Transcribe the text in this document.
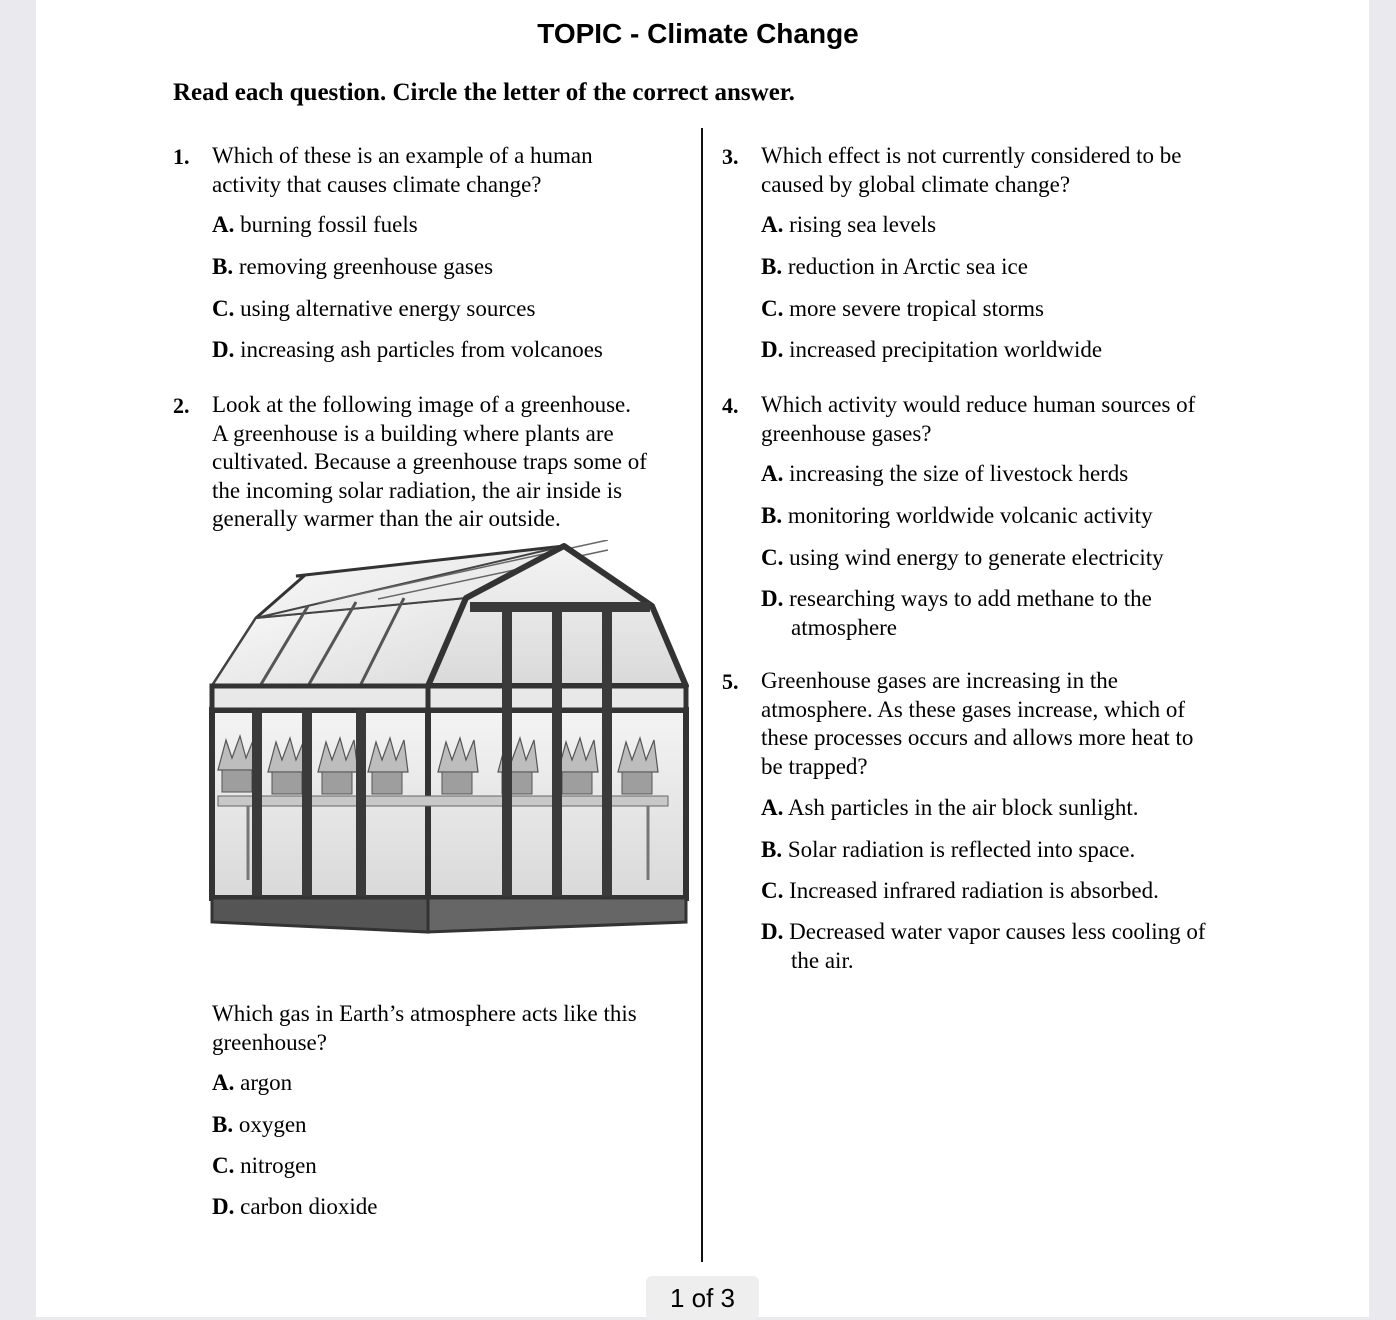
TOPIC - Climate Change
Read each question. Circle the letter of the correct answer.
1. Which of these is an example of a human
activity that causes climate change?
A. burning fossil fuels
B. removing greenhouse gases
C. using alternative energy sources
D. increasing ash particles from volcanoes
2. Look at the following image of a greenhouse.
A greenhouse is a building where plants are
cultivated. Because a greenhouse traps some of
the incoming solar radiation, the air inside is
generally warmer than the air outside.
Which gas in Earth’s atmosphere acts like this
greenhouse?
A. argon
B. oxygen
C. nitrogen
D. carbon dioxide
3. Which effect is not currently considered to be
caused by global climate change?
A. rising sea levels
B. reduction in Arctic sea ice
C. more severe tropical storms
D. increased precipitation worldwide
4. Which activity would reduce human sources of
greenhouse gases?
A. increasing the size of livestock herds
B. monitoring worldwide volcanic activity
C. using wind energy to generate electricity
D. researching ways to add methane to the
atmosphere
5. Greenhouse gases are increasing in the
atmosphere. As these gases increase, which of
these processes occurs and allows more heat to
be trapped?
A. Ash particles in the air block sunlight.
B. Solar radiation is reflected into space.
C. Increased infrared radiation is absorbed.
D. Decreased water vapor causes less cooling of
the air.
1 of 3
